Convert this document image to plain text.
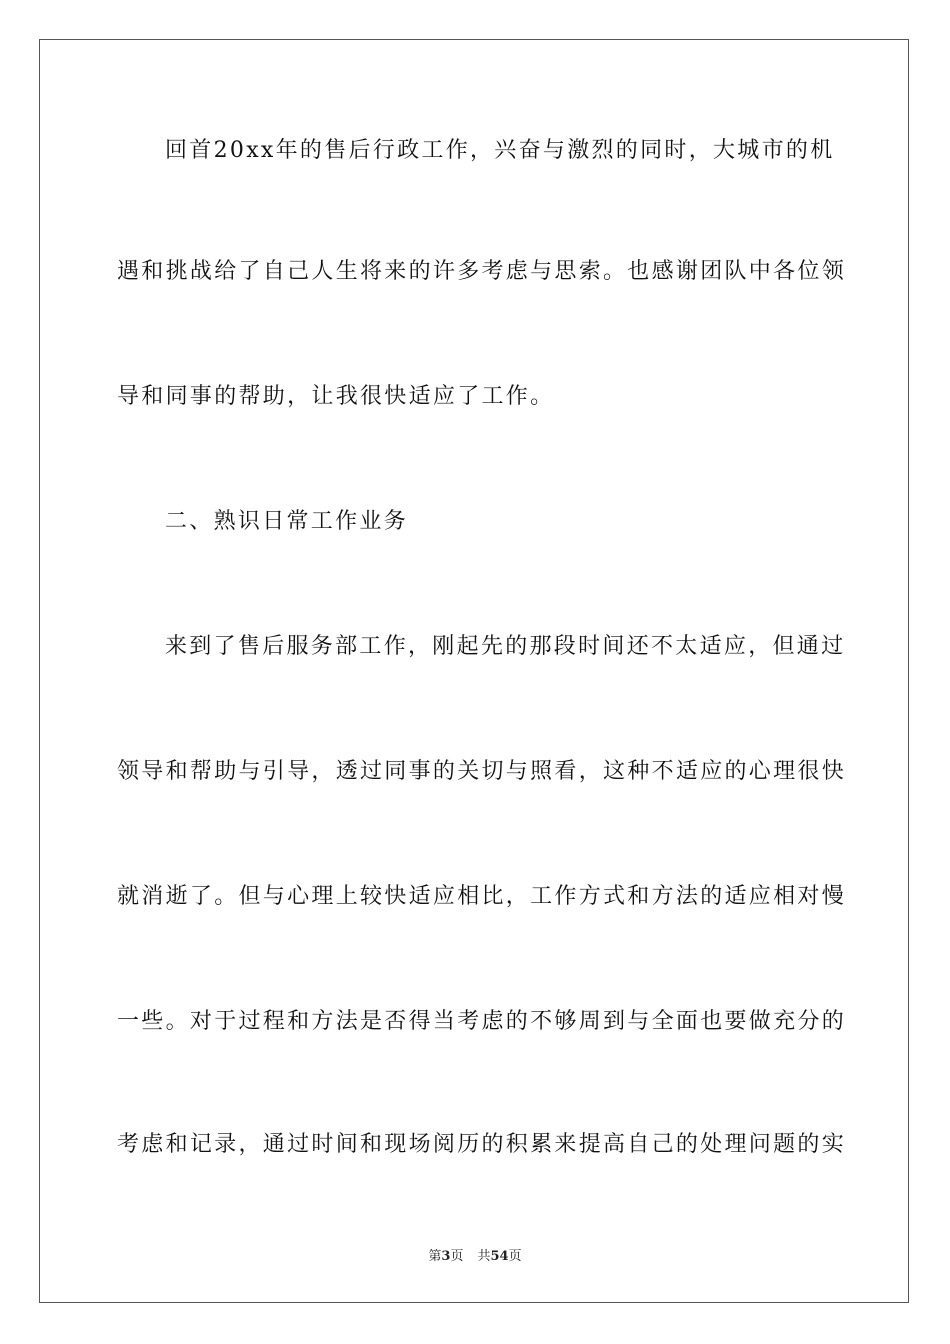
回首20xx年的售后行政工作，兴奋与激烈的同时，大城市的机
遇和挑战给了自己人生将来的许多考虑与思索。也感谢团队中各位领
导和同事的帮助，让我很快适应了工作。
二、熟识日常工作业务
来到了售后服务部工作，刚起先的那段时间还不太适应，但通过
领导和帮助与引导，透过同事的关切与照看，这种不适应的心理很快
就消逝了。但与心理上较快适应相比，工作方式和方法的适应相对慢
一些。对于过程和方法是否得当考虑的不够周到与全面也要做充分的
考虑和记录，通过时间和现场阅历的积累来提高自己的处理问题的实
第3页 共54页
